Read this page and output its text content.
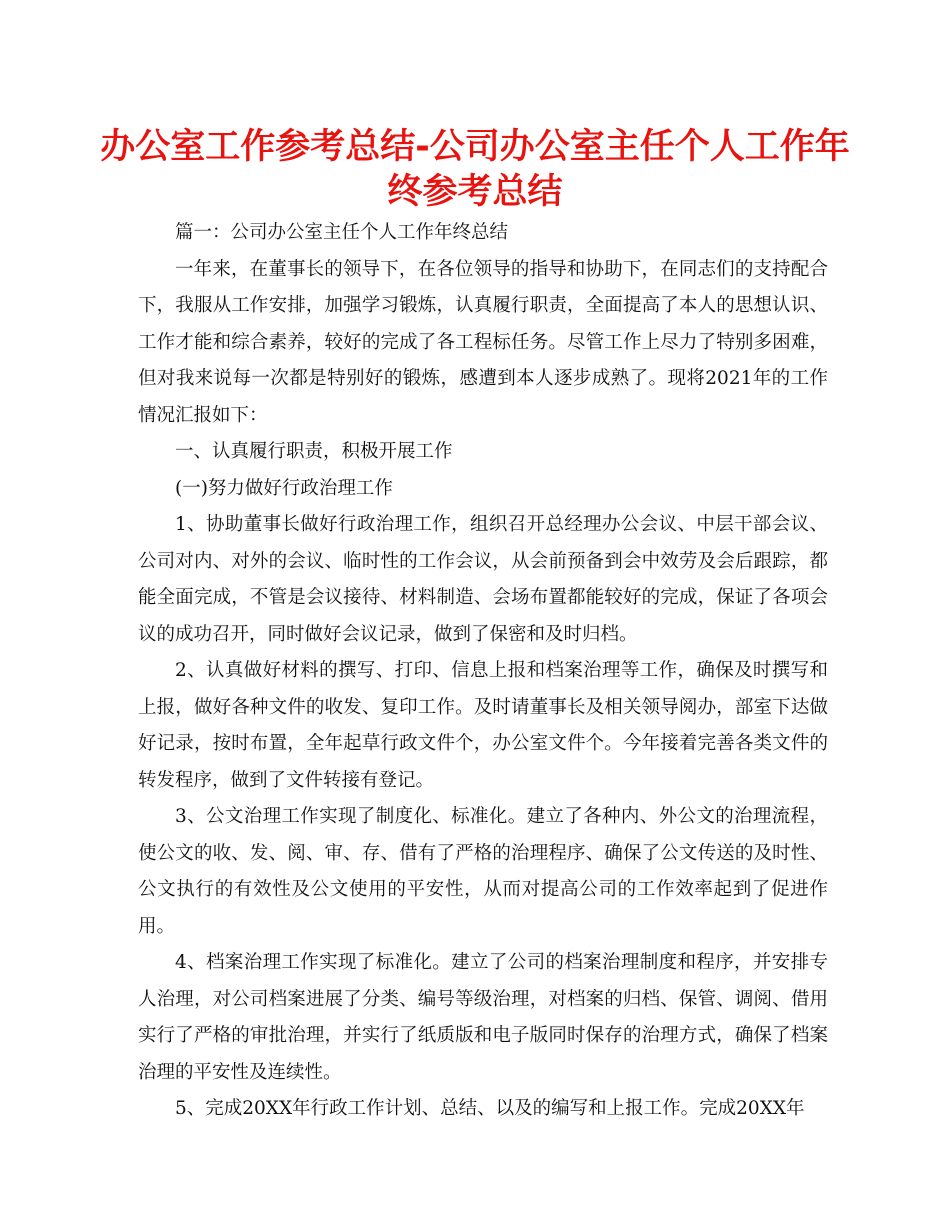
办公室工作参考总结-公司办公室主任个人工作年
终参考总结

篇一：公司办公室主任个人工作年终总结

一年来，在董事长的领导下，在各位领导的指导和协助下，在同志们的支持配合下，我服从工作安排，加强学习锻炼，认真履行职责，全面提高了本人的思想认识、工作才能和综合素养，较好的完成了各工程标任务。尽管工作上尽力了特别多困难，但对我来说每一次都是特别好的锻炼，感遭到本人逐步成熟了。现将2021年的工作情况汇报如下：

一、认真履行职责，积极开展工作

(一)努力做好行政治理工作

1、协助董事长做好行政治理工作，组织召开总经理办公会议、中层干部会议、公司对内、对外的会议、临时性的工作会议，从会前预备到会中效劳及会后跟踪，都能全面完成，不管是会议接待、材料制造、会场布置都能较好的完成，保证了各项会议的成功召开，同时做好会议记录，做到了保密和及时归档。

2、认真做好材料的撰写、打印、信息上报和档案治理等工作，确保及时撰写和上报，做好各种文件的收发、复印工作。及时请董事长及相关领导阅办，部室下达做好记录，按时布置，全年起草行政文件个，办公室文件个。今年接着完善各类文件的转发程序，做到了文件转接有登记。

3、公文治理工作实现了制度化、标准化。建立了各种内、外公文的治理流程，使公文的收、发、阅、审、存、借有了严格的治理程序、确保了公文传送的及时性、公文执行的有效性及公文使用的平安性，从而对提高公司的工作效率起到了促进作用。

4、档案治理工作实现了标准化。建立了公司的档案治理制度和程序，并安排专人治理，对公司档案进展了分类、编号等级治理，对档案的归档、保管、调阅、借用实行了严格的审批治理，并实行了纸质版和电子版同时保存的治理方式，确保了档案治理的平安性及连续性。

5、完成20XX年行政工作计划、总结、以及的编写和上报工作。完成20XX年
